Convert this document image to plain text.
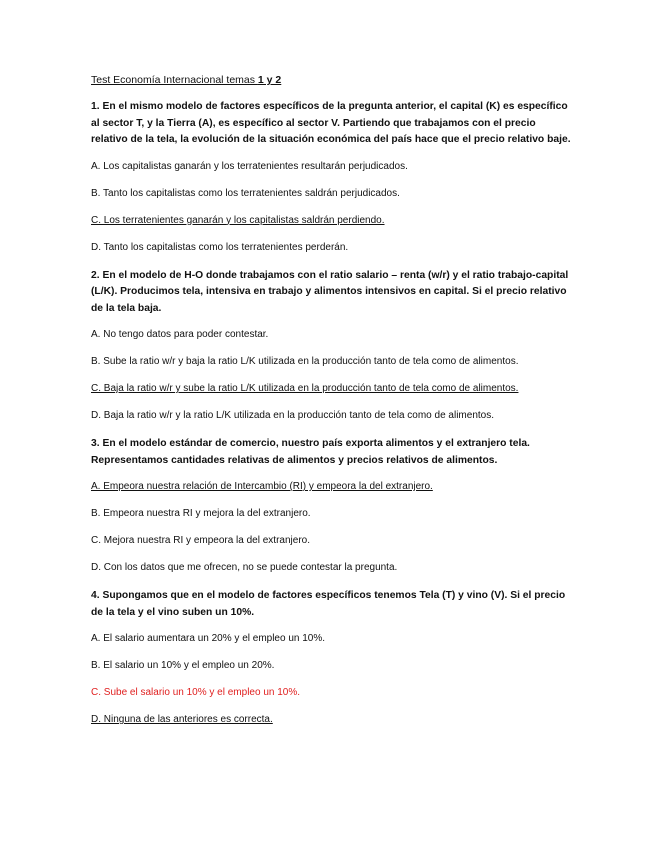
Test Economía Internacional temas 1 y 2
1. En el mismo modelo de factores específicos de la pregunta anterior, el capital (K) es específico al sector T, y la Tierra (A), es específico al sector V. Partiendo que trabajamos con el precio relativo de la tela, la evolución de la situación económica del país hace que el precio relativo baje.
A. Los capitalistas ganarán y los terratenientes resultarán perjudicados.
B. Tanto los capitalistas como los terratenientes saldrán perjudicados.
C. Los terratenientes ganarán y los capitalistas saldrán perdiendo.
D. Tanto los capitalistas como los terratenientes perderán.
2. En el modelo de H-O donde trabajamos con el ratio salario – renta (w/r) y el ratio trabajo-capital (L/K). Producimos tela, intensiva en trabajo y alimentos intensivos en capital. Si el precio relativo de la tela baja.
A. No tengo datos para poder contestar.
B. Sube la ratio w/r y baja la ratio L/K utilizada en la producción tanto de tela como de alimentos.
C. Baja la ratio w/r y sube la ratio L/K utilizada en la producción tanto de tela como de alimentos.
D. Baja la ratio w/r y la ratio L/K utilizada en la producción tanto de tela como de alimentos.
3. En el modelo estándar de comercio, nuestro país exporta alimentos y el extranjero tela. Representamos cantidades relativas de alimentos y precios relativos de alimentos.
A. Empeora nuestra relación de Intercambio (RI) y empeora la del extranjero.
B. Empeora nuestra RI y mejora la del extranjero.
C. Mejora nuestra RI y empeora la del extranjero.
D. Con los datos que me ofrecen, no se puede contestar la pregunta.
4. Supongamos que en el modelo de factores específicos tenemos Tela (T) y vino (V). Si el precio de la tela y el vino suben un 10%.
A. El salario aumentara un 20% y el empleo un 10%.
B. El salario un 10% y el empleo un 20%.
C. Sube el salario un 10% y el empleo un 10%.
D. Ninguna de las anteriores es correcta.
